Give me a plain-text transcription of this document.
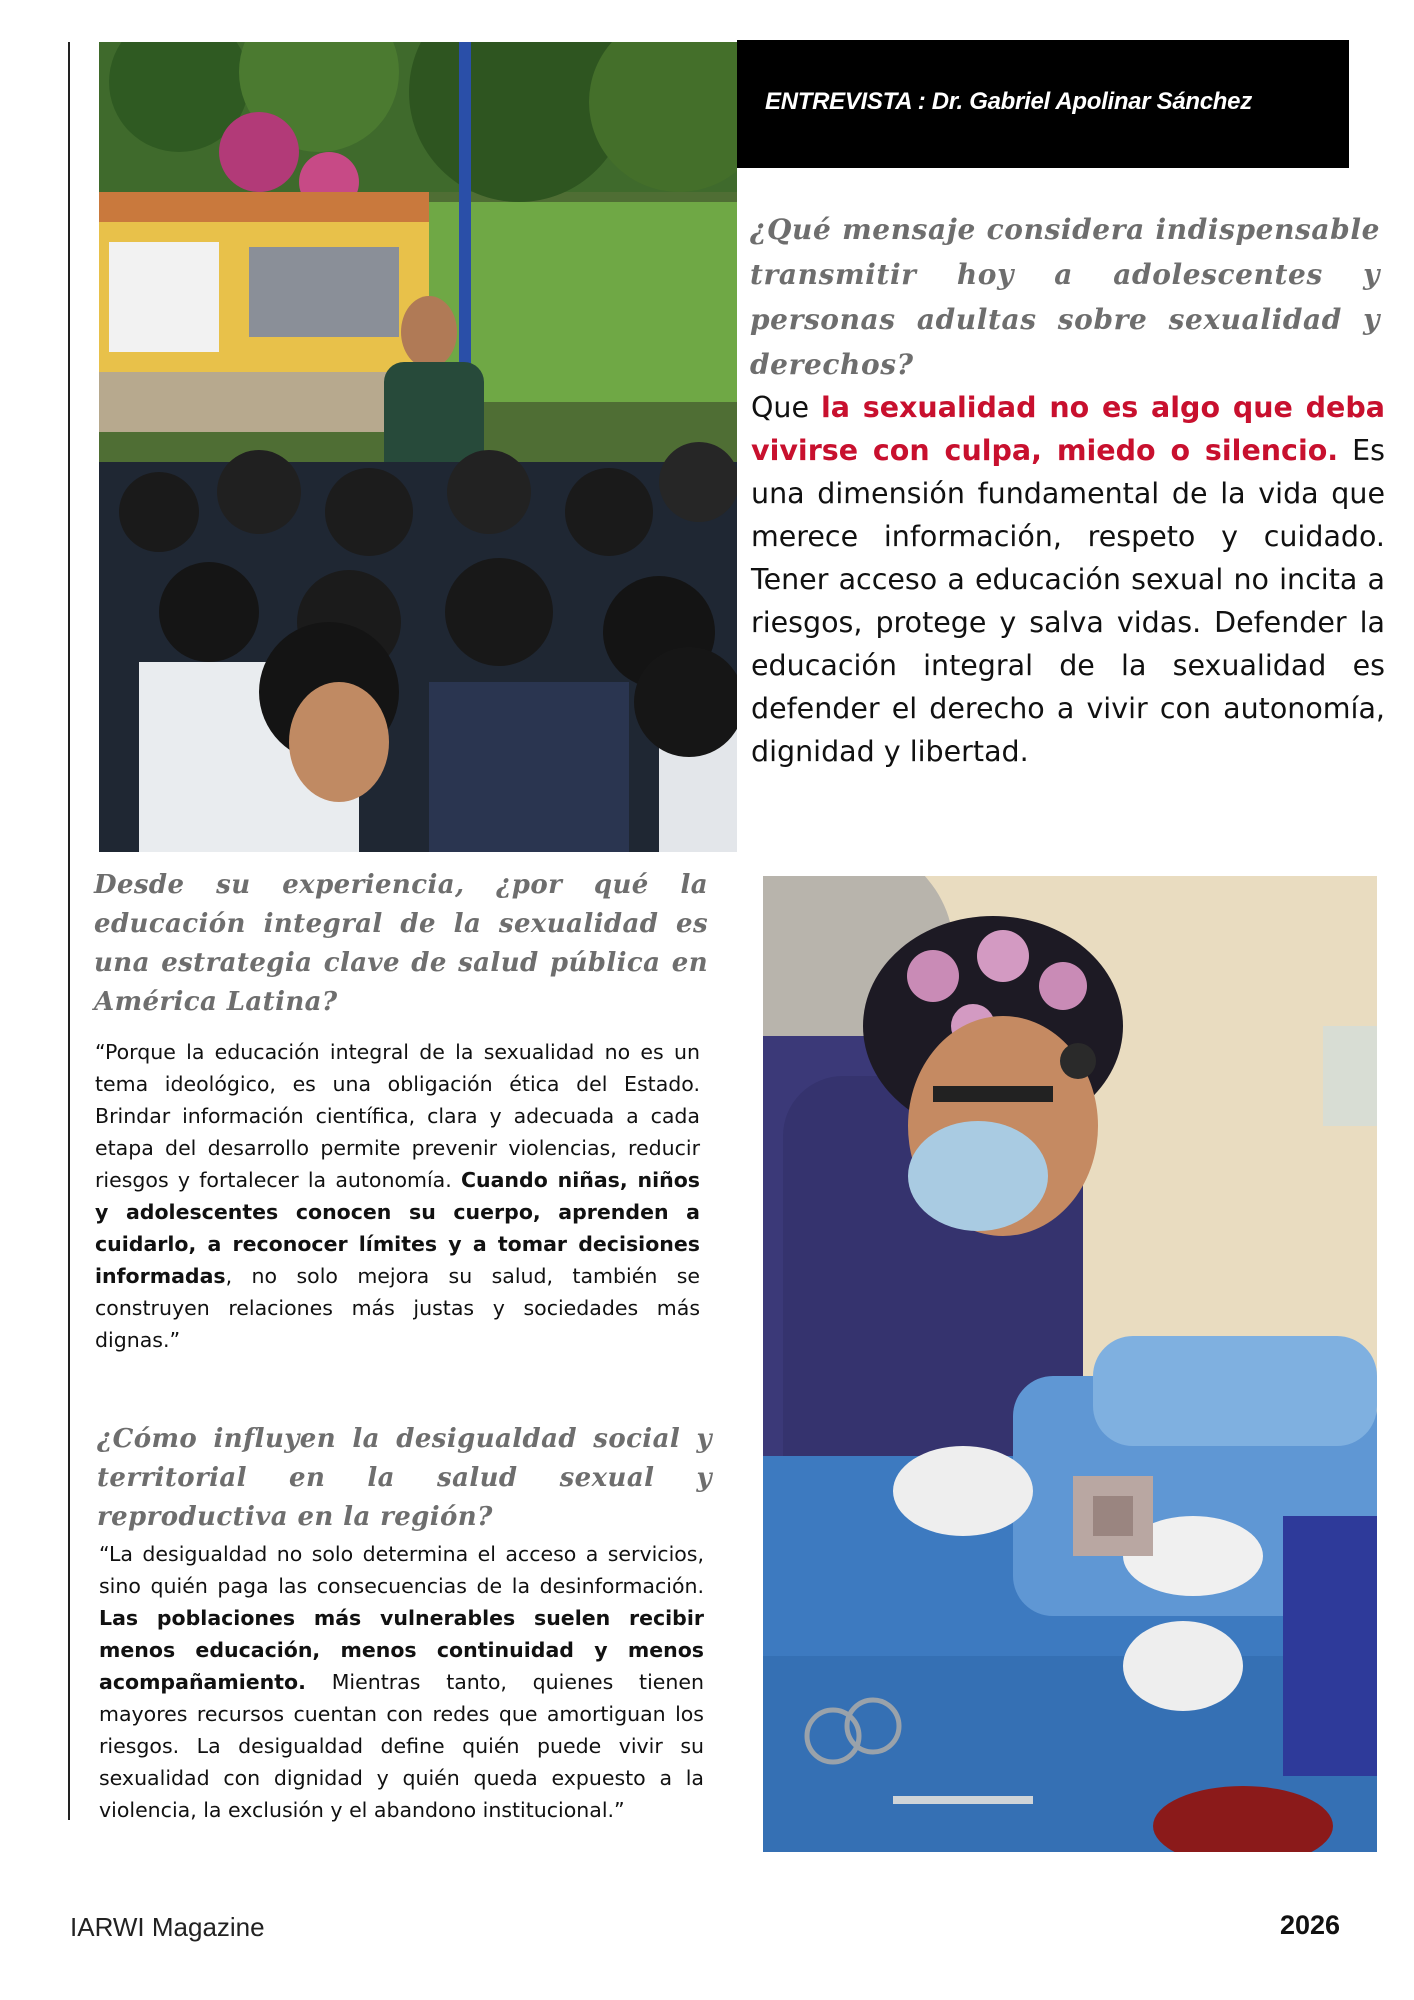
ENTREVISTA : Dr. Gabriel Apolinar Sánchez
¿Qué mensaje considera indispensable transmitir hoy a adolescentes y personas adultas sobre sexualidad y derechos?
Que la sexualidad no es algo que deba vivirse con culpa, miedo o silencio. Es una dimensión fundamental de la vida que merece información, respeto y cuidado. Tener acceso a educación sexual no incita a riesgos, protege y salva vidas. Defender la educación integral de la sexualidad es defender el derecho a vivir con autonomía, dignidad y libertad.
Desde su experiencia, ¿por qué la educación integral de la sexualidad es una estrategia clave de salud pública en América Latina?
“Porque la educación integral de la sexualidad no es un tema ideológico, es una obligación ética del Estado. Brindar información científica, clara y adecuada a cada etapa del desarrollo permite prevenir violencias, reducir riesgos y fortalecer la autonomía. Cuando niñas, niños y adolescentes conocen su cuerpo, aprenden a cuidarlo, a reconocer límites y a tomar decisiones informadas, no solo mejora su salud, también se construyen relaciones más justas y sociedades más dignas.”
¿Cómo influyen la desigualdad social y territorial en la salud sexual y reproductiva en la región?
“La desigualdad no solo determina el acceso a servicios, sino quién paga las consecuencias de la desinformación. Las poblaciones más vulnerables suelen recibir menos educación, menos continuidad y menos acompañamiento. Mientras tanto, quienes tienen mayores recursos cuentan con redes que amortiguan los riesgos. La desigualdad define quién puede vivir su sexualidad con dignidad y quién queda expuesto a la violencia, la exclusión y el abandono institucional.”
IARWI Magazine	2026
